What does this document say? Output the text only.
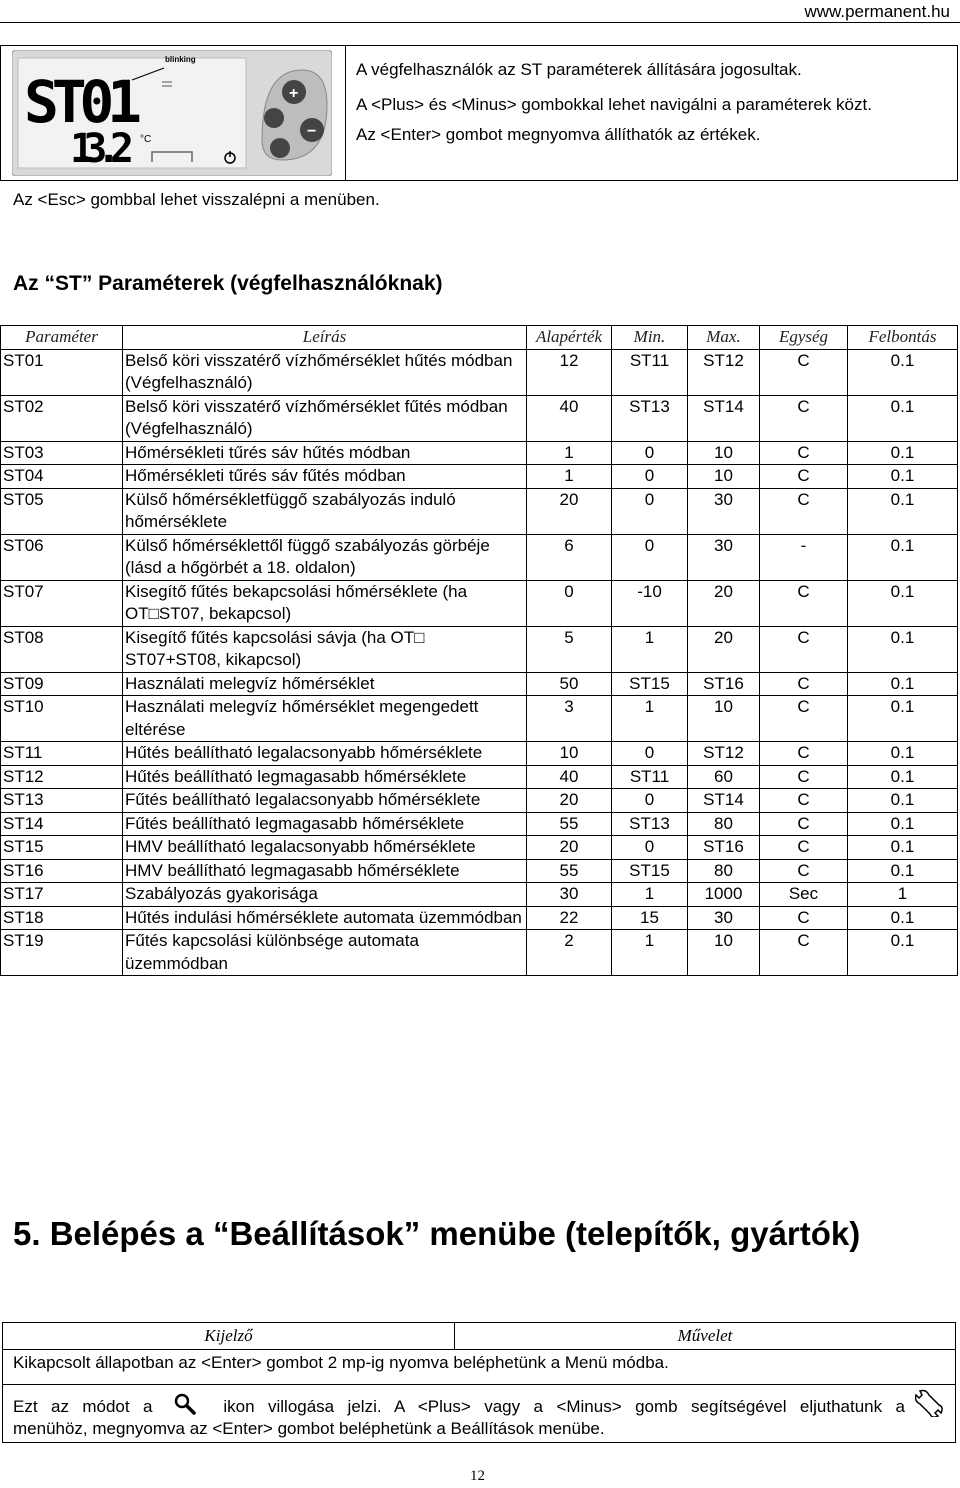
www.permanent.hu
ST01
13.2 °C
blinking
+
−
A végfelhasználók az ST paraméterek állítására jogosultak.
A <Plus> és <Minus> gombokkal lehet navigálni a paraméterek közt.
Az <Enter> gombot megnyomva állíthatók az értékek.
Az <Esc> gombbal lehet visszalépni a menüben.
Az “ST” Paraméterek (végfelhasználóknak)
Paraméter	Leírás	Alapérték	Min.	Max.	Egység	Felbontás
ST01	Belső köri visszatérő vízhőmérséklet hűtés módban (Végfelhasználó)	12	ST11	ST12	C	0.1
ST02	Belső köri visszatérő vízhőmérséklet fűtés módban (Végfelhasználó)	40	ST13	ST14	C	0.1
ST03	Hőmérsékleti tűrés sáv hűtés módban	1	0	10	C	0.1
ST04	Hőmérsékleti tűrés sáv fűtés módban	1	0	10	C	0.1
ST05	Külső hőmérsékletfüggő szabályozás induló hőmérséklete	20	0	30	C	0.1
ST06	Külső hőmérséklettől függő szabályozás görbéje (lásd a hőgörbét a 18. oldalon)	6	0	30	-	0.1
ST07	Kisegítő fűtés bekapcsolási hőmérséklete (ha OT□ST07, bekapcsol)	0	-10	20	C	0.1
ST08	Kisegítő fűtés kapcsolási sávja (ha OT□ ST07+ST08, kikapcsol)	5	1	20	C	0.1
ST09	Használati melegvíz hőmérséklet	50	ST15	ST16	C	0.1
ST10	Használati melegvíz hőmérséklet megengedett eltérése	3	1	10	C	0.1
ST11	Hűtés beállítható legalacsonyabb hőmérséklete	10	0	ST12	C	0.1
ST12	Hűtés beállítható legmagasabb hőmérséklete	40	ST11	60	C	0.1
ST13	Fűtés beállítható legalacsonyabb hőmérséklete	20	0	ST14	C	0.1
ST14	Fűtés beállítható legmagasabb hőmérséklete	55	ST13	80	C	0.1
ST15	HMV beállítható legalacsonyabb hőmérséklete	20	0	ST16	C	0.1
ST16	HMV beállítható legmagasabb hőmérséklete	55	ST15	80	C	0.1
ST17	Szabályozás gyakorisága	30	1	1000	Sec	1
ST18	Hűtés indulási hőmérséklete automata üzemmódban	22	15	30	C	0.1
ST19	Fűtés kapcsolási különbsége automata üzemmódban	2	1	10	C	0.1
5. Belépés a “Beállítások” menübe (telepítők, gyártók)
Kijelző	Művelet
Kikapcsolt állapotban az <Enter> gombot 2 mp-ig nyomva beléphetünk a Menü módba.

Ezt az módot a	ikon villogása jelzi. A <Plus> vagy a <Minus> gomb segítségével eljuthatunk a
menühöz, megnyomva az <Enter> gombot beléphetünk a Beállítások menübe.
12
